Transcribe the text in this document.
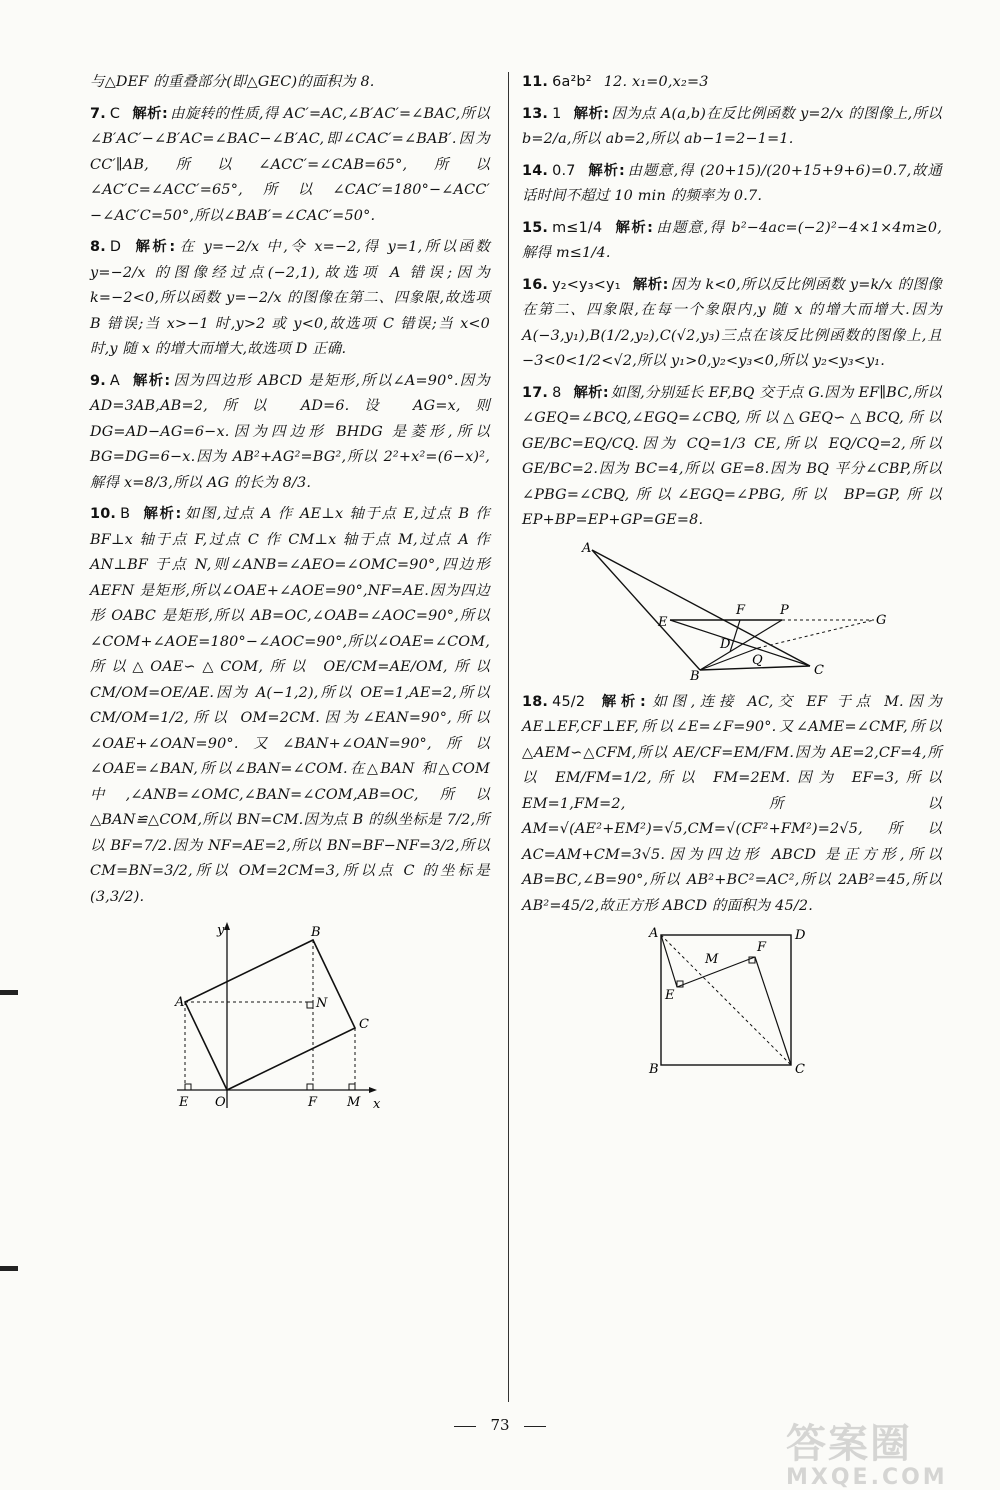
与△DEF 的重叠部分(即△GEC)的面积为 8.

7. C 解析: 由旋转的性质,得 AC′=AC,∠B′AC′=∠BAC,所以∠B′AC′−∠B′AC=∠BAC−∠B′AC,即∠CAC′=∠BAB′.因为 CC′∥AB,所以∠ACC′=∠CAB=65°,所以∠AC′C=∠ACC′=65°,所以∠CAC′=180°−∠ACC′−∠AC′C=50°,所以∠BAB′=∠CAC′=50°.

8. D 解析: 在 y=−2/x 中,令 x=−2,得 y=1,所以函数 y=−2/x 的图像经过点(−2,1),故选项 A 错误;因为 k=−2<0,所以函数 y=−2/x 的图像在第二、四象限,故选项 B 错误;当 x>−1 时,y>2 或 y<0,故选项 C 错误;当 x<0 时,y 随 x 的增大而增大,故选项 D 正确.

9. A 解析: 因为四边形 ABCD 是矩形,所以∠A=90°.因为 AD=3AB,AB=2,所以 AD=6.设 AG=x,则 DG=AD−AG=6−x.因为四边形 BHDG 是菱形,所以 BG=DG=6−x.因为 AB²+AG²=BG²,所以 2²+x²=(6−x)²,解得 x=8/3,所以 AG 的长为 8/3.

10. B 解析: 如图,过点 A 作 AE⊥x 轴于点 E,过点 B 作 BF⊥x 轴于点 F,过点 C 作 CM⊥x 轴于点 M,过点 A 作 AN⊥BF 于点 N,则∠ANB=∠AEO=∠OMC=90°,四边形 AEFN 是矩形,所以∠OAE+∠AOE=90°,NF=AE.因为四边形 OABC 是矩形,所以 AB=OC,∠OAB=∠AOC=90°,所以∠COM+∠AOE=180°−∠AOC=90°,所以∠OAE=∠COM,所以△OAE∽△COM,所以 OE/CM=AE/OM,所以 CM/OM=OE/AE.因为 A(−1,2),所以 OE=1,AE=2,所以 CM/OM=1/2,所以 OM=2CM.因为∠EAN=90°,所以∠OAE+∠OAN=90°.又∠BAN+∠OAN=90°,所以∠OAE=∠BAN,所以∠BAN=∠COM.在△BAN 和△COM 中,∠ANB=∠OMC,∠BAN=∠COM,AB=OC,所以△BAN≌△COM,所以 BN=CM.因为点 B 的纵坐标是 7/2,所以 BF=7/2.因为 NF=AE=2,所以 BN=BF−NF=3/2,所以 CM=BN=3/2,所以 OM=2CM=3,所以点 C 的坐标是(3,3/2).

y
x
A
B
C
N
E O	F M

11. 6a²b² 12. x₁=0,x₂=3

13. 1 解析: 因为点 A(a,b)在反比例函数 y=2/x 的图像上,所以 b=2/a,所以 ab=2,所以 ab−1=2−1=1.

14. 0.7 解析: 由题意,得 (20+15)/(20+15+9+6)=0.7,故通话时间不超过 10 min 的频率为 0.7.

15. m≤1/4 解析: 由题意,得 b²−4ac=(−2)²−4×1×4m≥0,解得 m≤1/4.

16. y₂<y₃<y₁ 解析: 因为 k<0,所以反比例函数 y=k/x 的图像在第二、四象限,在每一个象限内,y 随 x 的增大而增大.因为 A(−3,y₁),B(1/2,y₂),C(√2,y₃)三点在该反比例函数的图像上,且−3<0<1/2<√2,所以 y₁>0,y₂<y₃<0,所以 y₂<y₃<y₁.

17. 8 解析: 如图,分别延长 EF,BQ 交于点 G.因为 EF∥BC,所以∠GEQ=∠BCQ,∠EGQ=∠CBQ,所以△GEQ∽△BCQ,所以 GE/BC=EQ/CQ.因为 CQ=1/3 CE,所以 EQ/CQ=2,所以 GE/BC=2.因为 BC=4,所以 GE=8.因为 BQ 平分∠CBP,所以∠PBG=∠CBQ,所以∠EGQ=∠PBG,所以 BP=GP,所以 EP+BP=EP+GP=GE=8.

A
E
F	P
G
D
Q
B	C

18. 45/2 解析: 如图,连接 AC,交 EF 于点 M.因为 AE⊥EF,CF⊥EF,所以∠E=∠F=90°.又∠AME=∠CMF,所以△AEM∽△CFM,所以 AE/CF=EM/FM.因为 AE=2,CF=4,所以 EM/FM=1/2,所以 FM=2EM.因为 EF=3,所以 EM=1,FM=2,所以 AM=√(AE²+EM²)=√5,CM=√(CF²+FM²)=2√5,所以 AC=AM+CM=3√5.因为四边形 ABCD 是正方形,所以 AB=BC,∠B=90°,所以 AB²+BC²=AC²,所以 2AB²=45,所以 AB²=45/2,故正方形 ABCD 的面积为 45/2.

A	D
M
F
E
B	C
73	答案圈
MXQE.COM
